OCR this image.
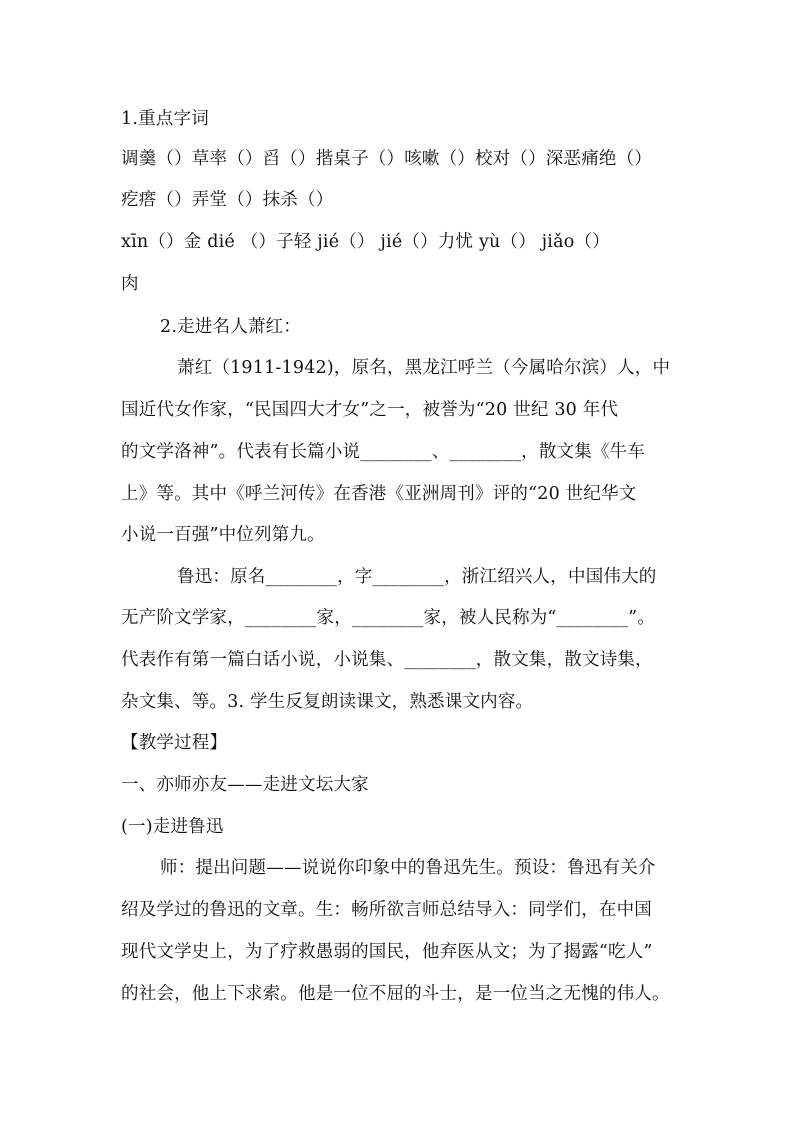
1.重点字词
调羹（）草率（）舀（）揩桌子（）咳嗽（）校对（）深恶痛绝（）
疙瘩（）弄堂（）抹杀（）
xīn（）金 dié （）子轻 jié（） jié（）力忧 yù（） jiǎo（）
肉
2.走进名人萧红：
萧红（1911-1942)，原名，黑龙江呼兰（今属哈尔滨）人，中
国近代女作家，“民国四大才女”之一，被誉为“20 世纪 30 年代
的文学洛神”。代表有长篇小说________、________，散文集《牛车
上》等。其中《呼兰河传》在香港《亚洲周刊》评的“20 世纪华文
小说一百强”中位列第九。
鲁迅：原名________，字________，浙江绍兴人，中国伟大的
无产阶文学家，________家，________家，被人民称为“________”。
代表作有第一篇白话小说，小说集、________，散文集，散文诗集，
杂文集、等。3. 学生反复朗读课文，熟悉课文内容。
【教学过程】
一、亦师亦友——走进文坛大家
(一)走进鲁迅
师：提出问题——说说你印象中的鲁迅先生。预设：鲁迅有关介
绍及学过的鲁迅的文章。生：畅所欲言师总结导入：同学们，在中国
现代文学史上，为了疗救愚弱的国民，他弃医从文；为了揭露“吃人”
的社会，他上下求索。他是一位不屈的斗士，是一位当之无愧的伟人。
